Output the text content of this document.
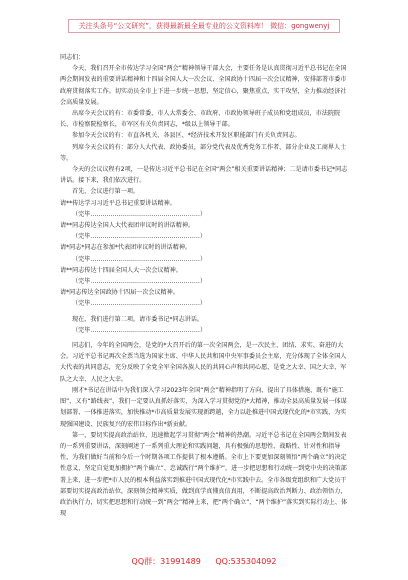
关注头条号“公文研究”，获得最新最全最专业的公文资料库！ 微信：gongwenyj

同志们：

今天，我们召开全市传达学习全国“两会”精神领导干部大会，主要任务是认真贯彻习近平总书记在全国两会期间发表的重要讲话精神和十四届全国人大一次会议、全国政协十四届一次会议精神，安排部署市委市政府贯彻落实工作。切实动员全市上下进一步统一思想，坚定信心，聚焦重点，实干攻坚，全力推动经济社会高质量发展。

出席今天会议的有：市委常委、市人大常委会、市政府、市政协领导班子成员和党组成员，市法院院长、市检察院检察长，市军区有关负责同志，*级以上领导干部。

参加今天会议的有：市直各机关、各县区、*经济技术开发区职能部门有关负责同志。

列席今天会议的有：部分人大代表、政协委员，部分党代表及优秀党务工作者，部分企业及工商界人士等。

今天的会议议程有2项，一是传达习近平总书记在全国“两会”相关重要讲话精神；二是请市委书记*同志讲话。接下来，我们依次进行。

首先，会议进行第一项。

请**传达学习习近平总书记重要讲话精神。

（完毕………………………………………………）

请**同志传达全国人大代表团审议时的讲话精神。

（完毕………………………………………………）

请*同志*同志在参加*代表团审议时的讲话精神。

（完毕………………………………………………）

请**同志传达十四届全国人大一次会议精神。

（完毕………………………………………………）

请*同志传达全国政协十四届一次会议精神。

（完毕………………………………………………）

现在，我们进行第二项。请市委书记*同志讲话。

（完毕………………………………………………）

同志们，今年的全国两会，是党的*大召开后的第一次全国两会，是一次民主、团结、求实、奋进的大会。习近平总书记再次全票当选为国家主席、中华人民共和国中央军事委员会主席，充分体现了全体全国人大代表的共同意志，充分反映了全党全军全国各族人民的共同心声和共同心愿，是党之大幸、国之大幸、军队之大幸、人民之大幸。

刚才*书记在讲话中为我们深入学习2023年全国“两会”精神指明了方向、提出了具体措施，既有“施工图”，又有“路线表”，我们一定要认真抓好落实，为深入学习贯彻党的*大精神，推动全县高质量发展一体谋划部署、一体推进落实，加快推动*市高质量发展实现新跨越，全力以赴推进中国式现代化的*市实践，为实现强国建设、民族复兴的宏伟目标作出*新贡献。

第一，要切实提高政治站位，迅速掀起学习贯彻“两会”精神的热潮。习近平总书记在全国两会期间发表的一系列重要讲话，深刻阐述了一系列重大理论和实践问题，具有极强的思想性、战略性、针对性和指导性，为我们做好当前和今后一个时期各项工作提供了根本遵循。全市上下要更加深刻领悟“两个确立”的决定性意义，坚定自觉更加拥护“两个确立”、忠诚践行“两个维护”，进一步把思想和行动统一到党中央的决策部署上来，进一步把*市人民的根本利益落实到推进中国式现代化*市实践中去。全市各级党组织和广大党员干部要切实提高政治站位，深刻领会精神实质，做到真学真懂真信真用，不断提高政治判断力、政治领悟力、政治执行力，切实把思想和行动统一到“两会”精神上来，把“两个确立”、“两个维护”落实到实际行动上、体现

QQ群：31991489 QQ:535304092
